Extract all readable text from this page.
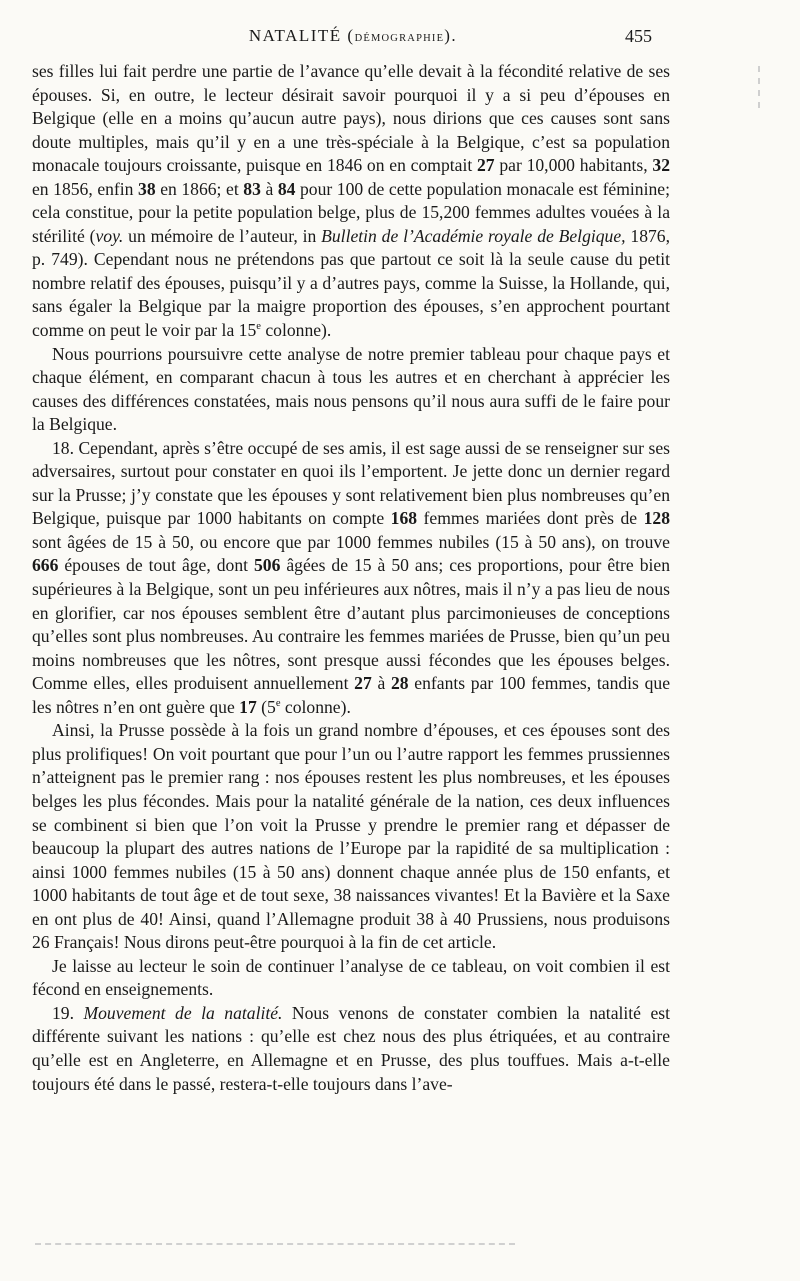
NATALITÉ (DÉMOGRAPHIE).	455

ses filles lui fait perdre une partie de l’avance qu’elle devait à la fécondité relative de ses épouses. Si, en outre, le lecteur désirait savoir pourquoi il y a si peu d’épouses en Belgique (elle en a moins qu’aucun autre pays), nous dirions que ces causes sont sans doute multiples, mais qu’il y en a une très-spéciale à la Belgique, c’est sa population monacale toujours croissante, puisque en 1846 on en comptait 27 par 10,000 habitants, 32 en 1856, enfin 38 en 1866; et 83 à 84 pour 100 de cette population monacale est féminine; cela constitue, pour la petite population belge, plus de 15,200 femmes adultes vouées à la stérilité (voy. un mémoire de l’auteur, in Bulletin de l’Académie royale de Belgique, 1876, p. 749). Cependant nous ne prétendons pas que partout ce soit là la seule cause du petit nombre relatif des épouses, puisqu’il y a d’autres pays, comme la Suisse, la Hollande, qui, sans égaler la Belgique par la maigre proportion des épouses, s’en approchent pourtant comme on peut le voir par la 15e colonne).

Nous pourrions poursuivre cette analyse de notre premier tableau pour chaque pays et chaque élément, en comparant chacun à tous les autres et en cherchant à apprécier les causes des différences constatées, mais nous pensons qu’il nous aura suffi de le faire pour la Belgique.

18. Cependant, après s’être occupé de ses amis, il est sage aussi de se renseigner sur ses adversaires, surtout pour constater en quoi ils l’emportent. Je jette donc un dernier regard sur la Prusse; j’y constate que les épouses y sont relativement bien plus nombreuses qu’en Belgique, puisque par 1000 habitants on compte 168 femmes mariées dont près de 128 sont âgées de 15 à 50, ou encore que par 1000 femmes nubiles (15 à 50 ans), on trouve 666 épouses de tout âge, dont 506 âgées de 15 à 50 ans; ces proportions, pour être bien supérieures à la Belgique, sont un peu inférieures aux nôtres, mais il n’y a pas lieu de nous en glorifier, car nos épouses semblent être d’autant plus parcimonieuses de conceptions qu’elles sont plus nombreuses. Au contraire les femmes mariées de Prusse, bien qu’un peu moins nombreuses que les nôtres, sont presque aussi fécondes que les épouses belges. Comme elles, elles produisent annuellement 27 à 28 enfants par 100 femmes, tandis que les nôtres n’en ont guère que 17 (5e colonne).

Ainsi, la Prusse possède à la fois un grand nombre d’épouses, et ces épouses sont des plus prolifiques! On voit pourtant que pour l’un ou l’autre rapport les femmes prussiennes n’atteignent pas le premier rang : nos épouses restent les plus nombreuses, et les épouses belges les plus fécondes. Mais pour la natalité générale de la nation, ces deux influences se combinent si bien que l’on voit la Prusse y prendre le premier rang et dépasser de beaucoup la plupart des autres nations de l’Europe par la rapidité de sa multiplication : ainsi 1000 femmes nubiles (15 à 50 ans) donnent chaque année plus de 150 enfants, et 1000 habitants de tout âge et de tout sexe, 38 naissances vivantes! Et la Bavière et la Saxe en ont plus de 40! Ainsi, quand l’Allemagne produit 38 à 40 Prussiens, nous produisons 26 Français! Nous dirons peut-être pourquoi à la fin de cet article.

Je laisse au lecteur le soin de continuer l’analyse de ce tableau, on voit combien il est fécond en enseignements.

19. Mouvement de la natalité. Nous venons de constater combien la natalité est différente suivant les nations : qu’elle est chez nous des plus étriquées, et au contraire qu’elle est en Angleterre, en Allemagne et en Prusse, des plus touffues. Mais a-t-elle toujours été dans le passé, restera-t-elle toujours dans l’ave-
